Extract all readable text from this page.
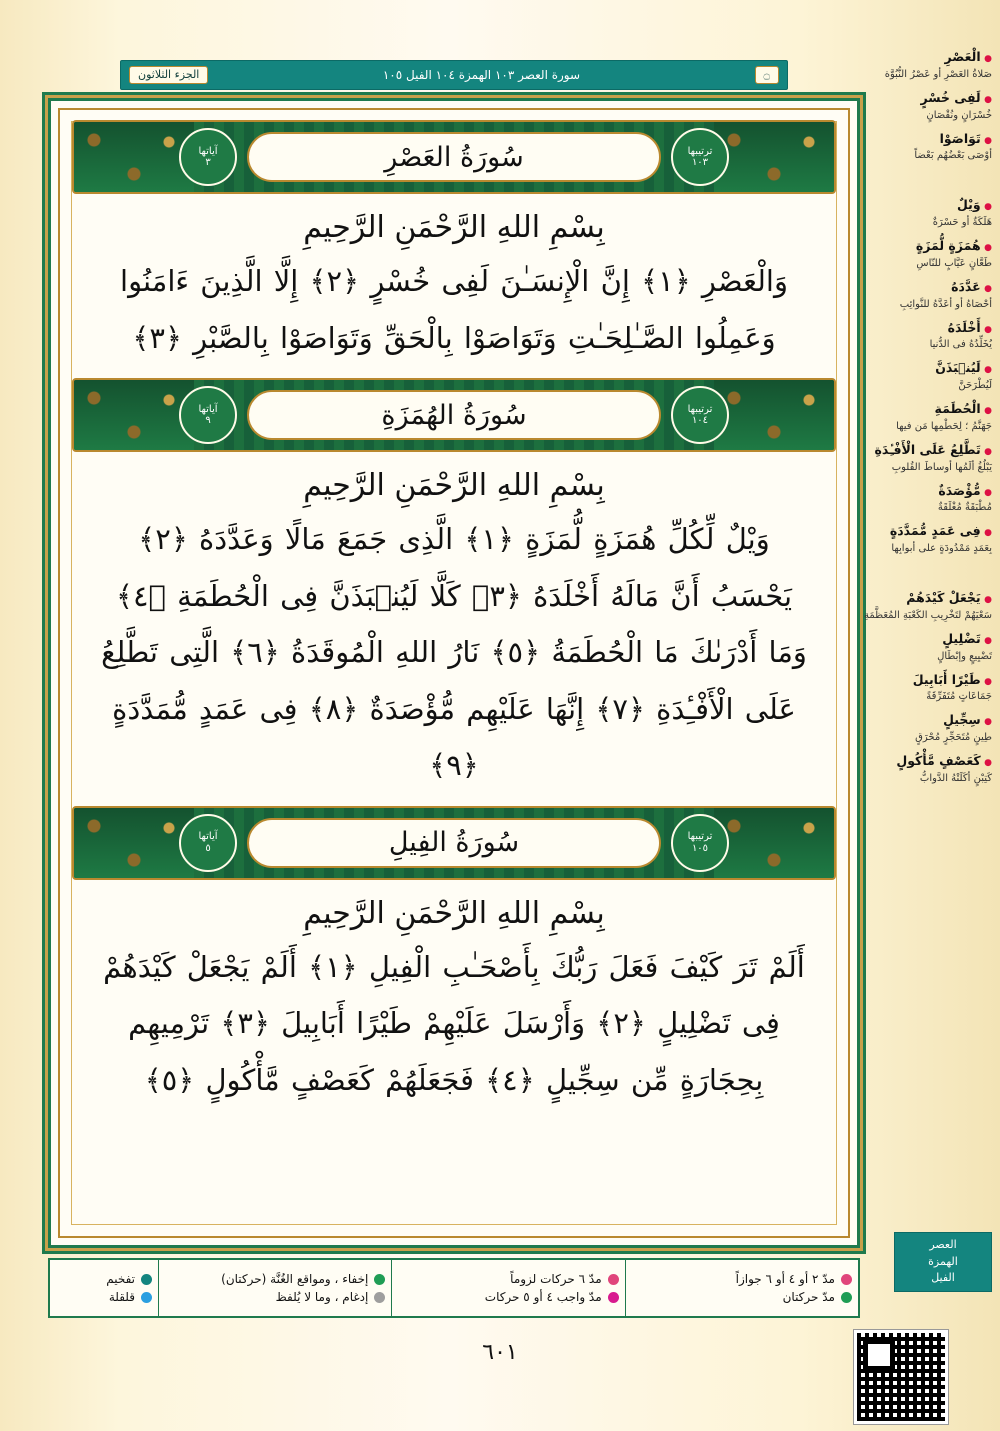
الجزء الثلاثون	سورة العصر ١٠٣ الهمزة ١٠٤ الفيل ١٠٥	۝
آياتها
٣	سُورَةُ العَصْرِ	ترتيبها
١٠٣
بِسْمِ اللهِ الرَّحْمَنِ الرَّحِيمِ
وَالْعَصْرِ ﴿١﴾ إِنَّ الْإِنسَـٰنَ لَفِى خُسْرٍ ﴿٢﴾ إِلَّا الَّذِينَ ءَامَنُوا
وَعَمِلُوا الصَّـٰلِحَـٰتِ وَتَوَاصَوْا بِالْحَقِّ وَتَوَاصَوْا بِالصَّبْرِ ﴿٣﴾
آياتها
٩	سُورَةُ الهُمَزَةِ	ترتيبها
١٠٤
بِسْمِ اللهِ الرَّحْمَنِ الرَّحِيمِ
وَيْلٌ لِّكُلِّ هُمَزَةٍ لُّمَزَةٍ ﴿١﴾ الَّذِى جَمَعَ مَالًا وَعَدَّدَهُ ﴿٢﴾
يَحْسَبُ أَنَّ مَالَهُ أَخْلَدَهُ ﴿٣﴾ كَلَّا لَيُنۢبَذَنَّ فِى الْحُطَمَةِ ﴿٤﴾
وَمَا أَدْرَىٰكَ مَا الْحُطَمَةُ ﴿٥﴾ نَارُ اللهِ الْمُوقَدَةُ ﴿٦﴾ الَّتِى تَطَّلِعُ
عَلَى الْأَفْـِٔدَةِ ﴿٧﴾ إِنَّهَا عَلَيْهِم مُّؤْصَدَةٌ ﴿٨﴾ فِى عَمَدٍ مُّمَدَّدَةٍ ﴿٩﴾
آياتها
٥	سُورَةُ الفِيلِ	ترتيبها
١٠٥
بِسْمِ اللهِ الرَّحْمَنِ الرَّحِيمِ
أَلَمْ تَرَ كَيْفَ فَعَلَ رَبُّكَ بِأَصْحَـٰبِ الْفِيلِ ﴿١﴾ أَلَمْ يَجْعَلْ كَيْدَهُمْ
فِى تَضْلِيلٍ ﴿٢﴾ وَأَرْسَلَ عَلَيْهِمْ طَيْرًا أَبَابِيلَ ﴿٣﴾ تَرْمِيهِم
بِحِجَارَةٍ مِّن سِجِّيلٍ ﴿٤﴾ فَجَعَلَهُمْ كَعَصْفٍ مَّأْكُولٍ ﴿٥﴾
● الْعَصْرِ
صَلاةُ العَصْرِ أو عَصْرُ النُّبُوَّة
● لَفِى خُسْرٍ
خُسْرَانٍ ونُقْصَانٍ
● تَوَاصَوْا
أوْصَى بَعْضُهُم بَعْضاً
● وَيْلٌ
هَلَكَةٌ أو حَسْرَةٌ
● هُمَزَةٍ لُّمَزَةٍ
طَعَّانٍ عَيَّابٍ للنّاسِ
● عَدَّدَهُ
أحْصَاهُ أو أعَدَّهُ للنَّوائِبِ
● أَخْلَدَهُ
يُخَلِّدُهُ فى الدُّنيا
● لَيُنۢبَذَنَّ
لَيُطْرَحَنَّ
● الْحُطَمَةِ
جَهَنَّمُ ؛ لِحَطْمِها مَن فيها
● تَطَّلِعُ عَلَى الْأَفْـِٔدَةِ
يَبْلُغُ ألَمُها أوساطَ القُلوبِ
● مُّؤْصَدَةٌ
مُطْبَقَةٌ مُغْلَقَةٌ
● فِى عَمَدٍ مُّمَدَّدَةٍ
بِعَمَدٍ مَمْدُودَةٍ على أبوابِها
● يَجْعَلْ كَيْدَهُمْ
سَعْيَهُمْ لتَخْرِيبِ الكَعْبَةِ المُعَظَّمَةِ
● تَضْلِيلٍ
تَضْيِيعٍ وإبْطَالٍ
● طَيْرًا أَبَابِيلَ
جَمَاعَاتٍ مُتَفَرِّقَةً
● سِجِّيلٍ
طِينٍ مُتَحَجِّرٍ مُحْرَقٍ
● كَعَصْفٍ مَّأْكُولٍ
كَتِبْنٍ أكَلَتْهُ الدَّوابُّ
العصر
الهمزة
الفيل
تفخيم
قلقلة
إخفاء ، ومواقع الغُنَّة (حركتان)
إدغام ، وما لا يُلفظ
مدّ ٦ حركات لزوماً
مدّ واجب ٤ أو ٥ حركات
مدّ ٢ أو ٤ أو ٦ جوازاً
مدّ حركتان
٦٠١
